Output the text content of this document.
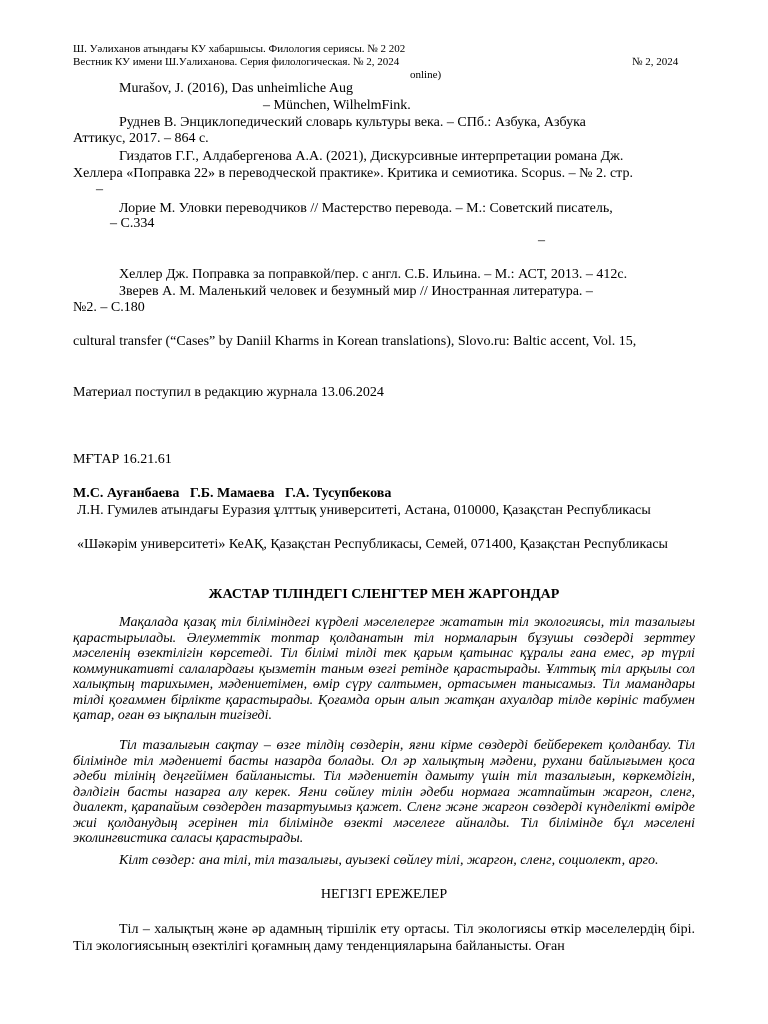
Ш. Уәлиханов атындағы КУ хабаршысы. Филология сериясы. № 2 202
Вестник КУ имени Ш.Уалиханова. Серия филологическая. № 2, 2024	№ 2, 2024
online)
Murašov, J. (2016), Das unheimliche Aug
– München, WilhelmFink.
Руднев В. Энциклопедический словарь культуры века. – СПб.: Азбука, Азбука
Аттикус, 2017. – 864 с.
Гиздатов Г.Г., Алдабергенова А.А. (2021), Дискурсивные интерпретации романа Дж.
Хеллера «Поправка 22» в переводческой практике». Критика и семиотика. Scopus. – № 2. стр.
–
Лорие М. Уловки переводчиков // Мастерство перевода. – М.: Советский писатель,
– С.334
–
Хеллер Дж. Поправка за поправкой/пер. с англ. С.Б. Ильина. – М.: АСТ, 2013. – 412с.
Зверев А. М. Маленький человек и безумный мир // Иностранная литература. –
№2. – С.180
cultural transfer (“Cases” by Daniil Kharms in Korean translations), Slovo.ru: Baltic accent, Vol. 15,
Материал поступил в редакцию журнала 13.06.2024
МҒТАР 16.21.61
М.С. Ауғанбаева   Г.Б. Мамаева   Г.А. Тусупбекова
Л.Н. Гумилев атындағы Еуразия ұлттық университеті, Астана, 010000, Қазақстан Республикасы
«Шәкәрім университеті» КеАҚ, Қазақстан Республикасы, Семей, 071400, Қазақстан Республикасы
ЖАСТАР ТІЛІНДЕГІ СЛЕНГТЕР МЕН ЖАРГОНДАР
Мақалада қазақ тіл біліміндегі күрделі мәселелерге жататын тіл экологиясы, тіл тазалығы қарастырылады. Әлеуметтік топтар қолданатын тіл нормаларын бұзушы сөздерді зерттеу мәселенің өзектілігін көрсетеді. Тіл білімі тілді тек қарым қатынас құралы ғана емес, әр түрлі коммуникативті салалардағы қызметін таным өзегі ретінде қарастырады. Ұлттық тіл арқылы сол халықтың тарихымен, мәдениетімен, өмір сүру салтымен, ортасымен танысамыз. Тіл мамандары тілді қоғаммен бірлікте қарастырады. Қоғамда орын алып жатқан ахуалдар тілде көрініс табумен қатар, оған өз ықпалын тигізеді.
Тіл тазалығын сақтау – өзге тілдің сөздерін, яғни кірме сөздерді бейберекет қолданбау. Тіл білімінде тіл мәдениеті басты назарда болады. Ол әр халықтың мәдени, рухани байлығымен қоса әдеби тілінің деңгейімен байланысты. Тіл мәдениетін дамыту үшін тіл тазалығын, көркемдігін, дәлдігін басты назарға алу керек. Яғни сөйлеу тілін әдеби нормаға жатпайтын жаргон, сленг, диалект, қарапайым сөздерден тазартуымыз қажет. Сленг және жаргон сөздерді күнделікті өмірде жиі қолданудың әсерінен тіл білімінде өзекті мәселеге айналды. Тіл білімінде бұл мәселені эколингвистика саласы қарастырады.
Кілт сөздер: ана тілі, тіл тазалығы, ауызекі сөйлеу тілі, жаргон, сленг, социолект, арго.
НЕГІЗГІ ЕРЕЖЕЛЕР
Тіл – халықтың және әр адамның тіршілік ету ортасы. Тіл экологиясы өткір мәселелердің бірі. Тіл экологиясының өзектілігі қоғамның даму тенденцияларына байланысты. Оған
